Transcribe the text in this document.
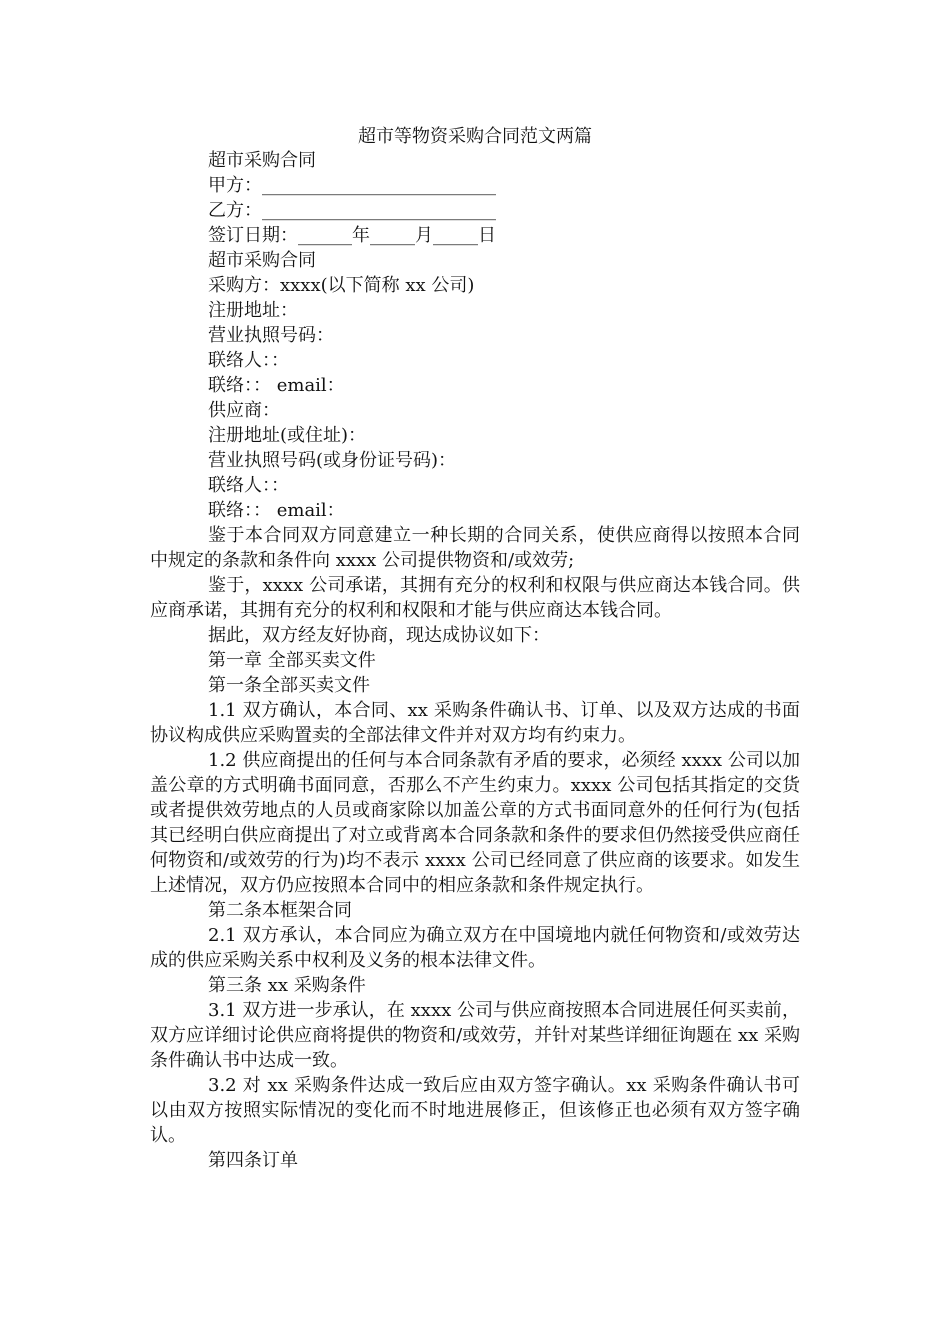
超市等物资采购合同范文两篇
超市采购合同
甲方：__________________________
乙方：__________________________
签订日期：______年_____月_____日
超市采购合同
采购方：xxxx(以下简称 xx 公司)
注册地址：
营业执照号码：
联络人：：
联络：： email：
供应商：
注册地址(或住址)：
营业执照号码(或身份证号码)：
联络人：：
联络：： email：
鉴于本合同双方同意建立一种长期的合同关系，使供应商得以按照本合同中规定的条款和条件向 xxxx 公司提供物资和/或效劳;
鉴于，xxxx 公司承诺，其拥有充分的权利和权限与供应商达本钱合同。供应商承诺，其拥有充分的权利和权限和才能与供应商达本钱合同。
据此，双方经友好协商，现达成协议如下：
第一章 全部买卖文件
第一条全部买卖文件
1.1 双方确认，本合同、xx 采购条件确认书、订单、以及双方达成的书面协议构成供应采购置卖的全部法律文件并对双方均有约束力。
1.2 供应商提出的任何与本合同条款有矛盾的要求，必须经 xxxx 公司以加盖公章的方式明确书面同意，否那么不产生约束力。xxxx 公司包括其指定的交货或者提供效劳地点的人员或商家除以加盖公章的方式书面同意外的任何行为(包括其已经明白供应商提出了对立或背离本合同条款和条件的要求但仍然接受供应商任何物资和/或效劳的行为)均不表示 xxxx 公司已经同意了供应商的该要求。如发生上述情况，双方仍应按照本合同中的相应条款和条件规定执行。
第二条本框架合同
2.1 双方承认，本合同应为确立双方在中国境地内就任何物资和/或效劳达成的供应采购关系中权利及义务的根本法律文件。
第三条 xx 采购条件
3.1 双方进一步承认，在 xxxx 公司与供应商按照本合同进展任何买卖前，双方应详细讨论供应商将提供的物资和/或效劳，并针对某些详细征询题在 xx 采购条件确认书中达成一致。
3.2 对 xx 采购条件达成一致后应由双方签字确认。xx 采购条件确认书可以由双方按照实际情况的变化而不时地进展修正，但该修正也必须有双方签字确认。
第四条订单
